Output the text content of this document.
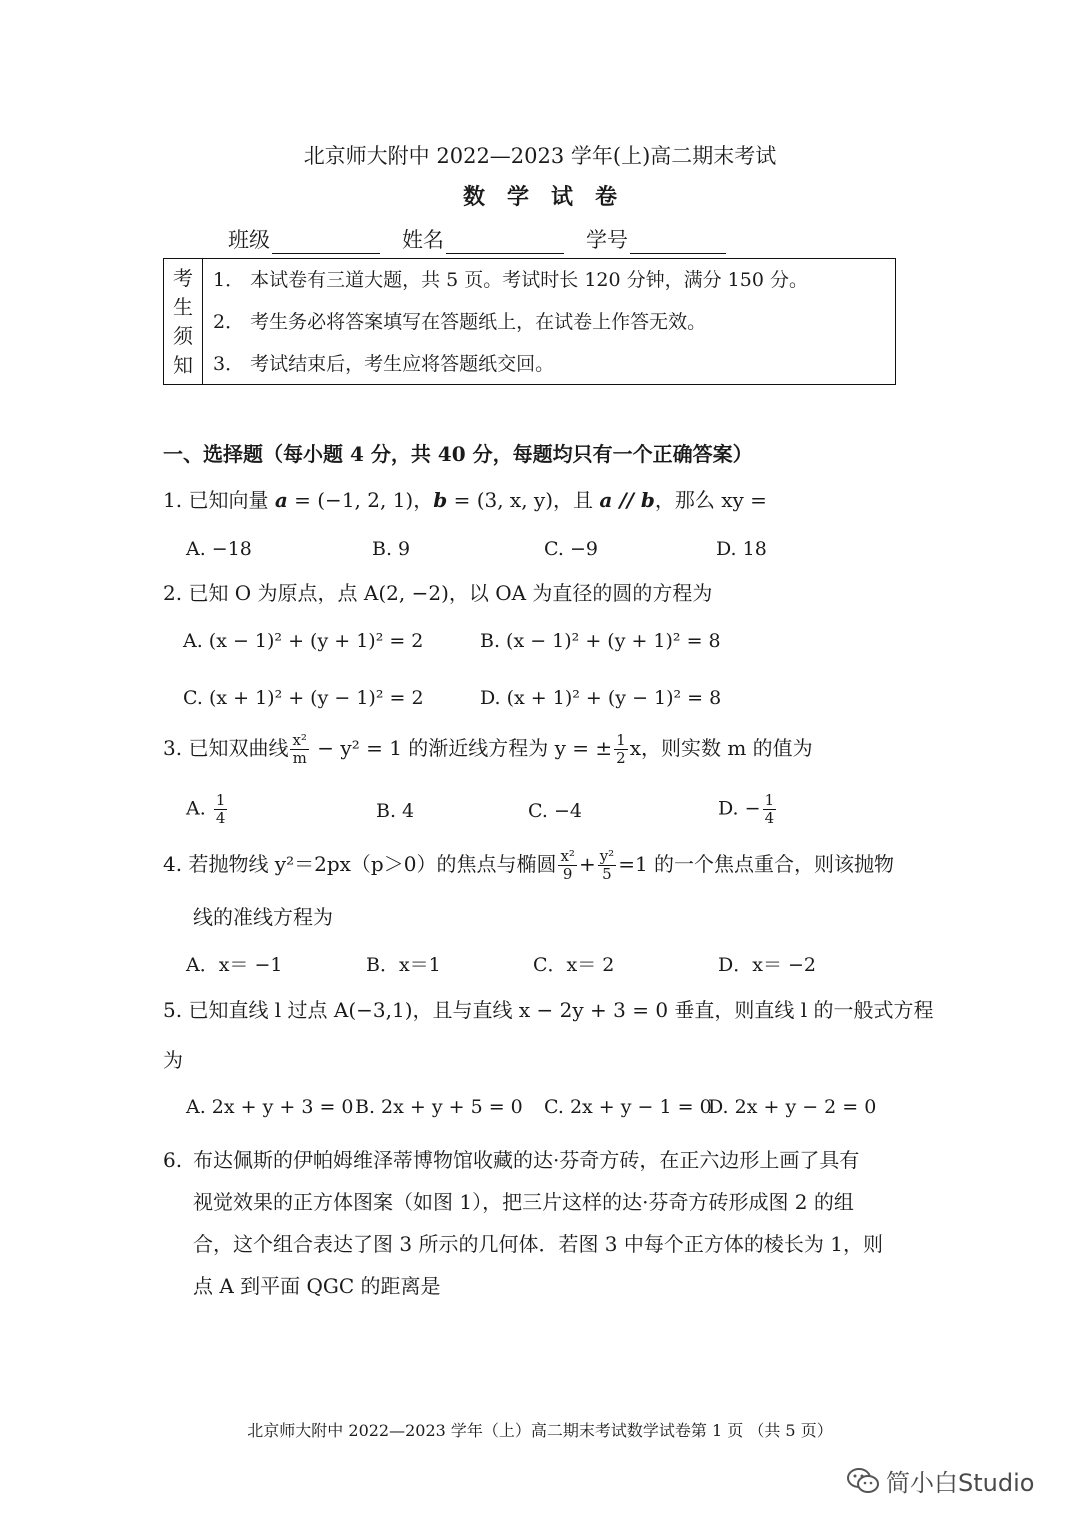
北京师大附中 2022—2023 学年(上)高二期末考试
数学试卷
班级	姓名	学号
考
生
须
知
1． 本试卷有三道大题，共 5 页。考试时长 120 分钟，满分 150 分。
2． 考生务必将答案填写在答题纸上，在试卷上作答无效。
3． 考试结束后，考生应将答题纸交回。
一、选择题（每小题 4 分，共 40 分，每题均只有一个正确答案）
1. 已知向量 a = (−1, 2, 1)，b = (3, x, y)，且 a // b，那么 xy =
A. −18	B. 9	C. −9	D. 18
2. 已知 O 为原点，点 A(2, −2)，以 OA 为直径的圆的方程为
A. (x − 1)² + (y + 1)² = 2	B. (x − 1)² + (y + 1)² = 8
C. (x + 1)² + (y − 1)² = 2	D. (x + 1)² + (y − 1)² = 8
3. 已知双曲线 $\frac{\text{x²}}{m} - y^2 = 1$ 的渐近线方程为 y = ± $\frac{1}{2}$ x，则实数 m 的值为
A. $\frac{1}{4}$	B. 4	C. −4	D. − $\frac{1}{4}$
4. 若抛物线 y²＝2px（p＞0）的焦点与椭圆 $\frac{\text{x²}}{9} + \frac{\text{y²}}{5} =1$ 的一个焦点重合，则该抛物
线的准线方程为
A．x＝ −1	B．x＝1	C．x＝ 2	D．x＝ −2
5. 已知直线 l 过点 A(−3,1)，且与直线 x − 2y + 3 = 0 垂直，则直线 l 的一般式方程
为
A. 2x + y + 3 = 0 B. 2x + y + 5 = 0 C. 2x + y − 1 = 0
D. 2x + y − 2 = 0
6. 布达佩斯的伊帕姆维泽蒂博物馆收藏的达·芬奇方砖，在正六边形上画了具有
视觉效果的正方体图案（如图 1），把三片这样的达·芬奇方砖形成图 2 的组
合，这个组合表达了图 3 所示的几何体．若图 3 中每个正方体的棱长为 1，则
点 A 到平面 QGC 的距离是
北京师大附中 2022—2023 学年（上）高二期末考试数学试卷第 1 页 （共 5 页）
简小白Studio
